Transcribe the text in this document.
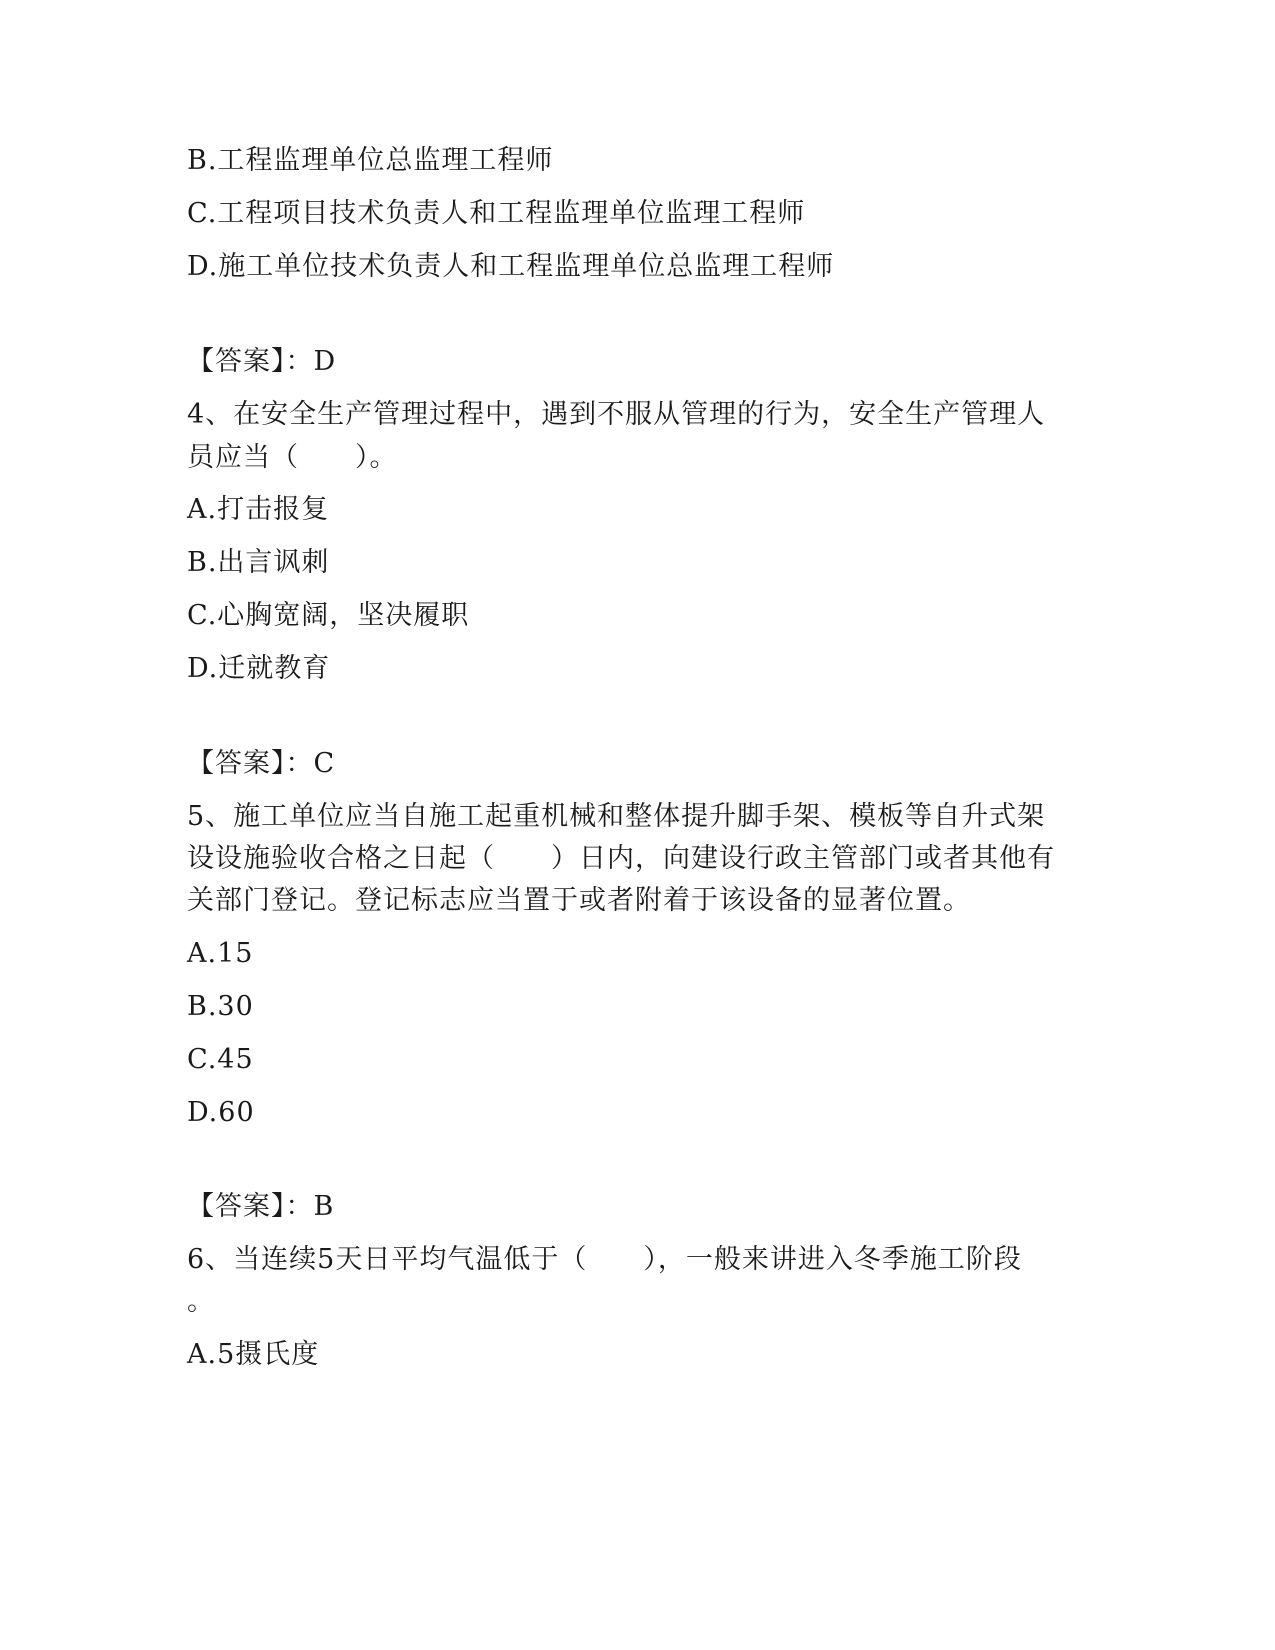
B.工程监理单位总监理工程师
C.工程项目技术负责人和工程监理单位监理工程师
D.施工单位技术负责人和工程监理单位总监理工程师
【答案】：D
4、在安全生产管理过程中，遇到不服从管理的行为，安全生产管理人
员应当（　　）。
A.打击报复
B.出言讽刺
C.心胸宽阔，坚决履职
D.迁就教育
【答案】：C
5、施工单位应当自施工起重机械和整体提升脚手架、模板等自升式架
设设施验收合格之日起（　　）日内，向建设行政主管部门或者其他有
关部门登记。登记标志应当置于或者附着于该设备的显著位置。
A.15
B.30
C.45
D.60
【答案】：B
6、当连续5天日平均气温低于（　　），一般来讲进入冬季施工阶段
。
A.5摄氏度
